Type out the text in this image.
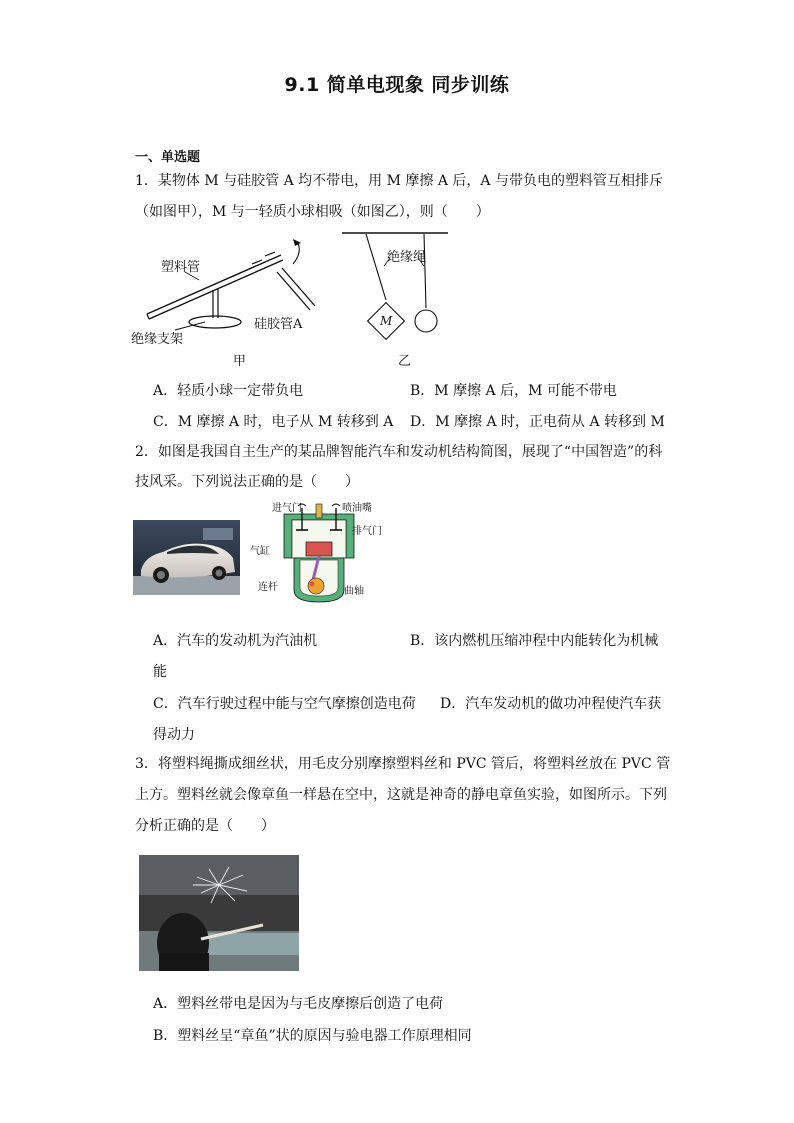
9.1 简单电现象 同步训练
一、单选题
1．某物体 M 与硅胶管 A 均不带电，用 M 摩擦 A 后，A 与带负电的塑料管互相排斥
（如图甲），M 与一轻质小球相吸（如图乙），则（　　）
塑料管
绝缘支架
硅胶管A
甲
绝缘绳
M
乙
A．轻质小球一定带负电	B．M 摩擦 A 后，M 可能不带电
C．M 摩擦 A 时，电子从 M 转移到 A D．M 摩擦 A 时，正电荷从 A 转移到 M
2．如图是我国自主生产的某品牌智能汽车和发动机结构简图，展现了“中国智造”的科
技风采。下列说法正确的是（　　）
进气门	喷油嘴
排气门
气缸
连杆	曲轴
A．汽车的发动机为汽油机	B．该内燃机压缩冲程中内能转化为机械
能
C．汽车行驶过程中能与空气摩擦创造电荷 D．汽车发动机的做功冲程使汽车获
得动力
3．将塑料绳撕成细丝状，用毛皮分别摩擦塑料丝和 PVC 管后，将塑料丝放在 PVC 管
上方。塑料丝就会像章鱼一样悬在空中，这就是神奇的静电章鱼实验，如图所示。下列
分析正确的是（　　）
A．塑料丝带电是因为与毛皮摩擦后创造了电荷
B．塑料丝呈“章鱼”状的原因与验电器工作原理相同
